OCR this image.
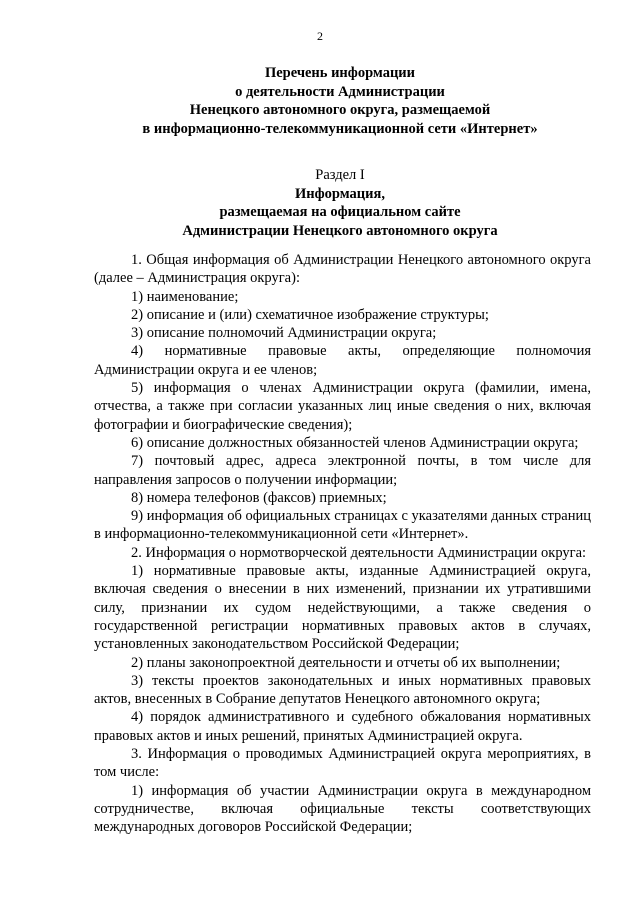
2
Перечень информации
о деятельности Администрации
Ненецкого автономного округа, размещаемой
в информационно-телекоммуникационной сети «Интернет»
Раздел I
Информация,
размещаемая на официальном сайте
Администрации Ненецкого автономного округа

1. Общая информация об Администрации Ненецкого автономного округа (далее – Администрация округа):

1) наименование;

2) описание и (или) схематичное изображение структуры;

3) описание полномочий Администрации округа;

4) нормативные правовые акты, определяющие полномочия Администрации округа и ее членов;

5) информация о членах Администрации округа (фамилии, имена, отчества, а также при согласии указанных лиц иные сведения о них, включая фотографии и биографические сведения);

6) описание должностных обязанностей членов Администрации округа;

7) почтовый адрес, адреса электронной почты, в том числе для направления запросов о получении информации;

8) номера телефонов (факсов) приемных;

9) информация об официальных страницах с указателями данных страниц в информационно-телекоммуникационной сети «Интернет».

2. Информация о нормотворческой деятельности Администрации округа:

1) нормативные правовые акты, изданные Администрацией округа, включая сведения о внесении в них изменений, признании их утратившими силу, признании их судом недействующими, а также сведения о государственной регистрации нормативных правовых актов в случаях, установленных законодательством Российской Федерации;

2) планы законопроектной деятельности и отчеты об их выполнении;

3) тексты проектов законодательных и иных нормативных правовых актов, внесенных в Собрание депутатов Ненецкого автономного округа;

4) порядок административного и судебного обжалования нормативных правовых актов и иных решений, принятых Администрацией округа.

3. Информация о проводимых Администрацией округа мероприятиях, в том числе:

1) информация об участии Администрации округа в международном сотрудничестве, включая официальные тексты соответствующих международных договоров Российской Федерации;
